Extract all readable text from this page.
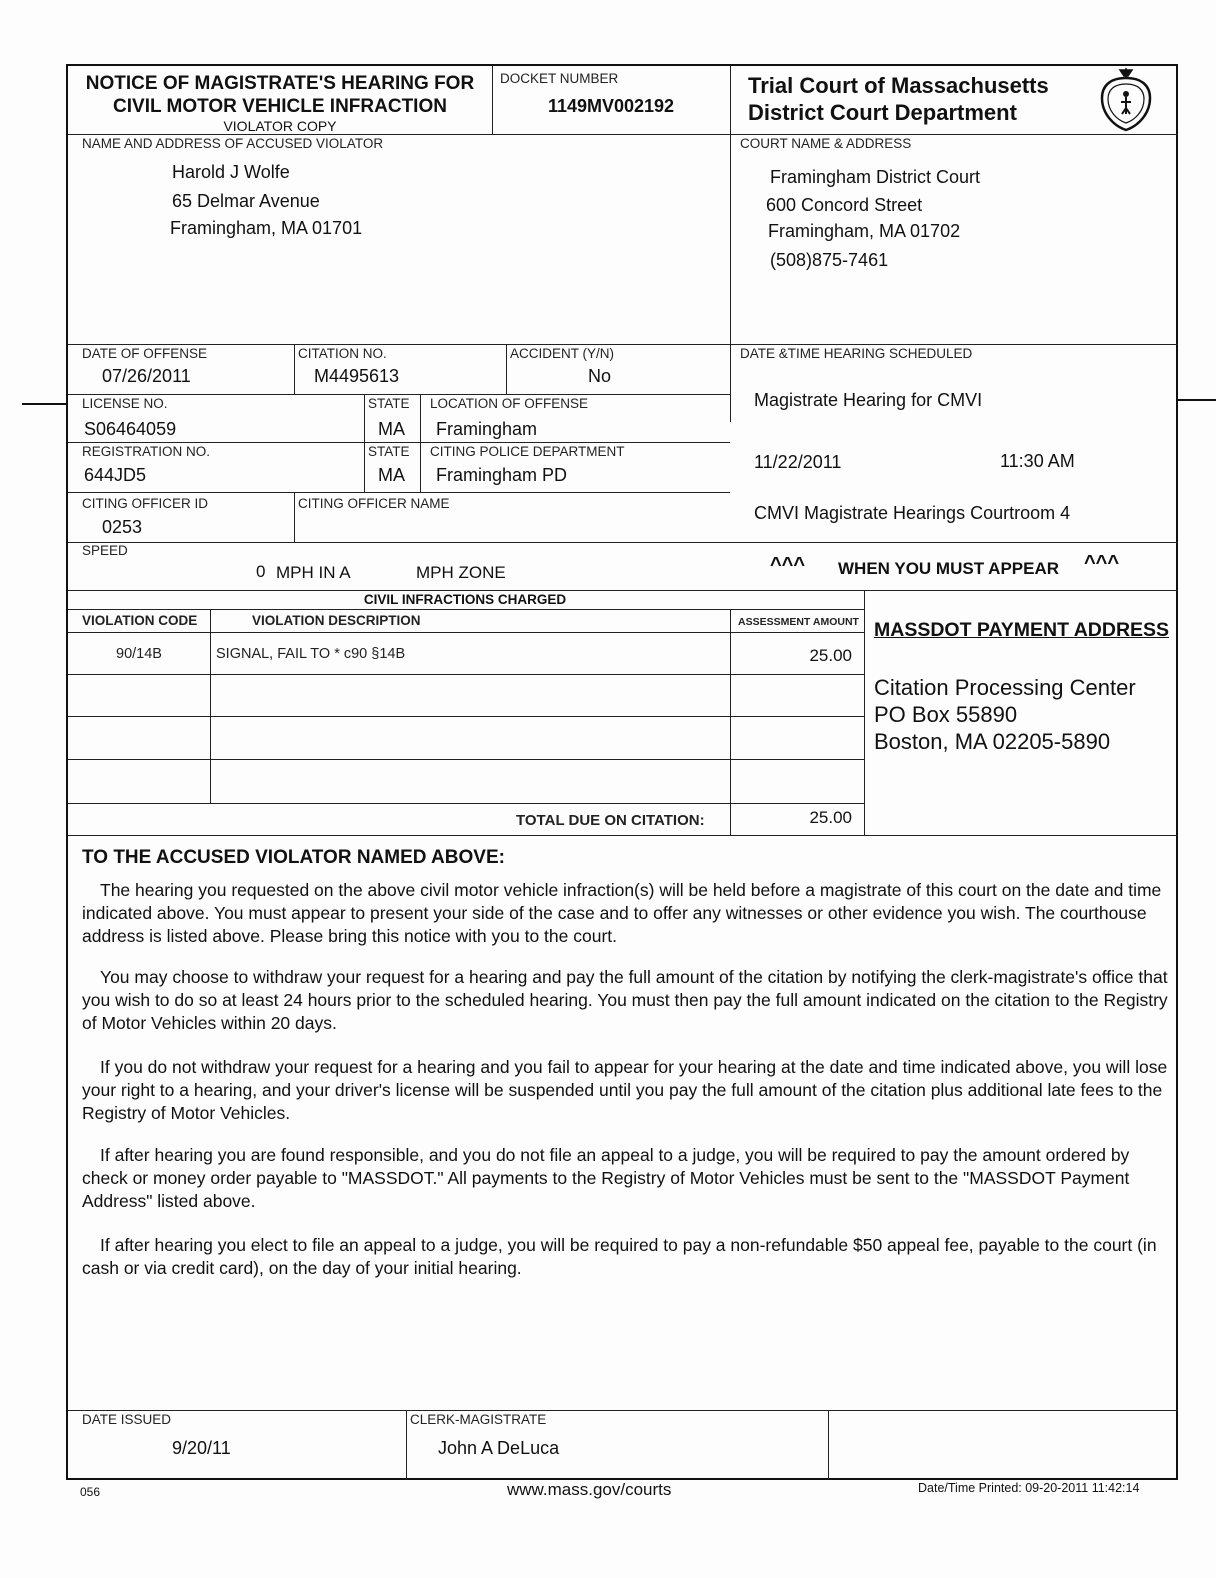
NOTICE OF MAGISTRATE'S HEARING FOR
CIVIL MOTOR VEHICLE INFRACTION
VIOLATOR COPY
DOCKET NUMBER
1149MV002192
Trial Court of Massachusetts
District Court Department
NAME AND ADDRESS OF ACCUSED VIOLATOR
Harold J Wolfe
65 Delmar Avenue
Framingham, MA 01701
COURT NAME & ADDRESS
Framingham District Court
600 Concord Street
Framingham, MA 01702
(508)875-7461
DATE OF OFFENSE
07/26/2011
CITATION NO.
M4495613
ACCIDENT (Y/N)
No
DATE &TIME HEARING SCHEDULED
Magistrate Hearing for CMVI
11/22/2011	11:30 AM
CMVI Magistrate Hearings Courtroom 4
LICENSE NO.
S06464059
STATE
MA
LOCATION OF OFFENSE
Framingham
REGISTRATION NO.
644JD5
STATE
MA
CITING POLICE DEPARTMENT
Framingham PD
CITING OFFICER ID
0253
CITING OFFICER NAME
SPEED
0 MPH IN A	MPH ZONE	^^^ WHEN YOU MUST APPEAR ^^^
CIVIL INFRACTIONS CHARGED
VIOLATION CODE	VIOLATION DESCRIPTION	ASSESSMENT AMOUNT
90/14B	SIGNAL, FAIL TO * c90 §14B	25.00
TOTAL DUE ON CITATION:	25.00
MASSDOT PAYMENT ADDRESS
Citation Processing Center
PO Box 55890
Boston, MA 02205-5890
TO THE ACCUSED VIOLATOR NAMED ABOVE:

The hearing you requested on the above civil motor vehicle infraction(s) will be held before a magistrate of this court on the date and time indicated above. You must appear to present your side of the case and to offer any witnesses or other evidence you wish. The courthouse address is listed above. Please bring this notice with you to the court.

You may choose to withdraw your request for a hearing and pay the full amount of the citation by notifying the clerk-magistrate's office that you wish to do so at least 24 hours prior to the scheduled hearing. You must then pay the full amount indicated on the citation to the Registry of Motor Vehicles within 20 days.

If you do not withdraw your request for a hearing and you fail to appear for your hearing at the date and time indicated above, you will lose your right to a hearing, and your driver's license will be suspended until you pay the full amount of the citation plus additional late fees to the Registry of Motor Vehicles.

If after hearing you are found responsible, and you do not file an appeal to a judge, you will be required to pay the amount ordered by check or money order payable to "MASSDOT." All payments to the Registry of Motor Vehicles must be sent to the "MASSDOT Payment Address" listed above.

If after hearing you elect to file an appeal to a judge, you will be required to pay a non-refundable $50 appeal fee, payable to the court (in cash or via credit card), on the day of your initial hearing.

DATE ISSUED
9/20/11
CLERK-MAGISTRATE
John A DeLuca
056	www.mass.gov/courts	Date/Time Printed: 09-20-2011 11:42:14
